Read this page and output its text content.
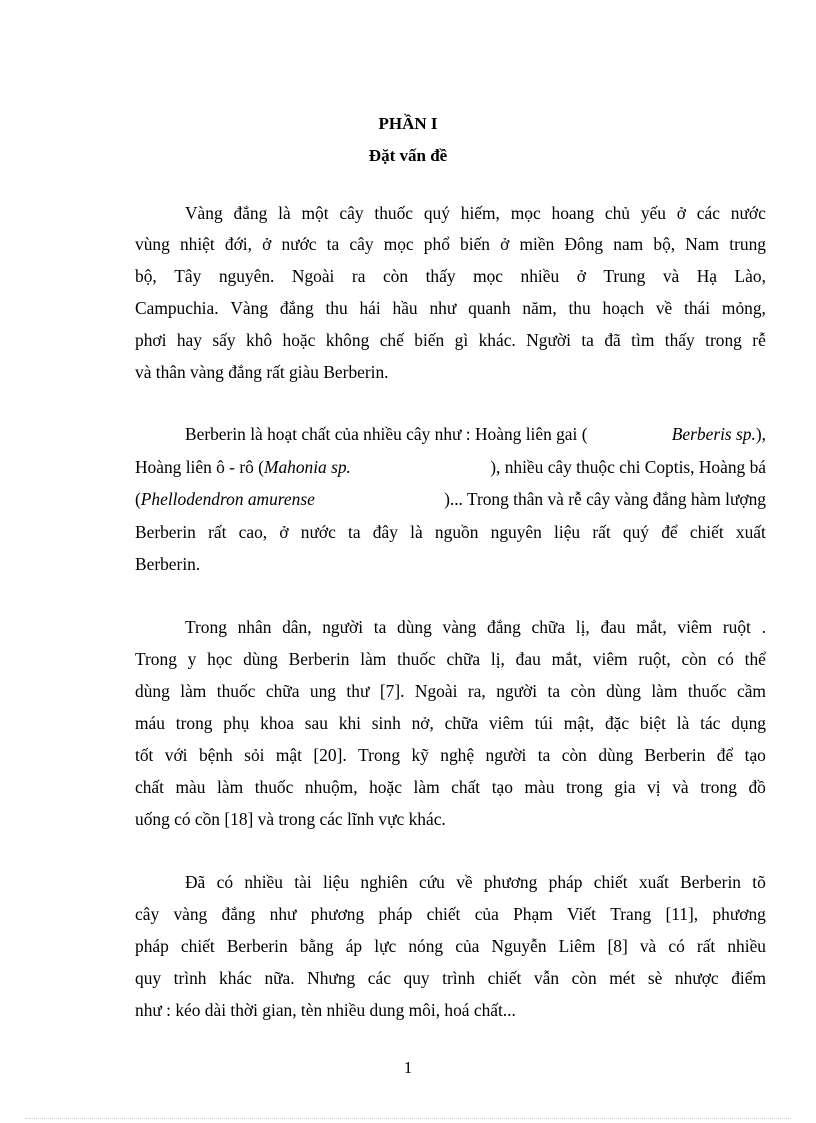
PHẦN I
Đặt vấn đề
Vàng đắng là một cây thuốc quý hiếm, mọc hoang chủ yếu ở các nước
vùng nhiệt đới, ở nước ta cây mọc phổ biến ở miền Đông nam bộ, Nam trung
bộ, Tây nguyên. Ngoài ra còn thấy mọc nhiều ở Trung và Hạ Lào,
Campuchia. Vàng đắng thu hái hầu như quanh năm, thu hoạch về thái mỏng,
phơi hay sấy khô hoặc không chế biến gì khác. Người ta đã tìm thấy trong rễ
và thân vàng đắng rất giàu Berberin.
Berberin là hoạt chất của nhiều cây như : Hoàng liên gai (	Berberis sp.),
Hoàng liên ô - rô (Mahonia sp.	), nhiều cây thuộc chi Coptis, Hoàng bá
(Phellodendron amurense	)... Trong thân và rễ cây vàng đắng hàm lượng
Berberin rất cao, ở nước ta đây là nguồn nguyên liệu rất quý để chiết xuất
Berberin.
Trong nhân dân, người ta dùng vàng đắng chữa lị, đau mắt, viêm ruột .
Trong y học dùng Berberin làm thuốc chữa lị, đau mắt, viêm ruột, còn có thể
dùng làm thuốc chữa ung thư [7]. Ngoài ra, người ta còn dùng làm thuốc cầm
máu trong phụ khoa sau khi sinh nở, chữa viêm túi mật, đặc biệt là tác dụng
tốt với bệnh sỏi mật [20]. Trong kỹ nghệ người ta còn dùng Berberin để tạo
chất màu làm thuốc nhuộm, hoặc làm chất tạo màu trong gia vị và trong đồ
uống có cồn [18] và trong các lĩnh vực khác.
Đã có nhiều tài liệu nghiên cứu về phương pháp chiết xuất Berberin tõ
cây vàng đắng như phương pháp chiết của Phạm Viết Trang [11], phương
pháp chiết Berberin bằng áp lực nóng của Nguyễn Liêm [8] và có rất nhiều
quy trình khác nữa. Nhưng các quy trình chiết vẫn còn mét sè nhược điểm
như : kéo dài thời gian, tèn nhiều dung môi, hoá chất...
1
